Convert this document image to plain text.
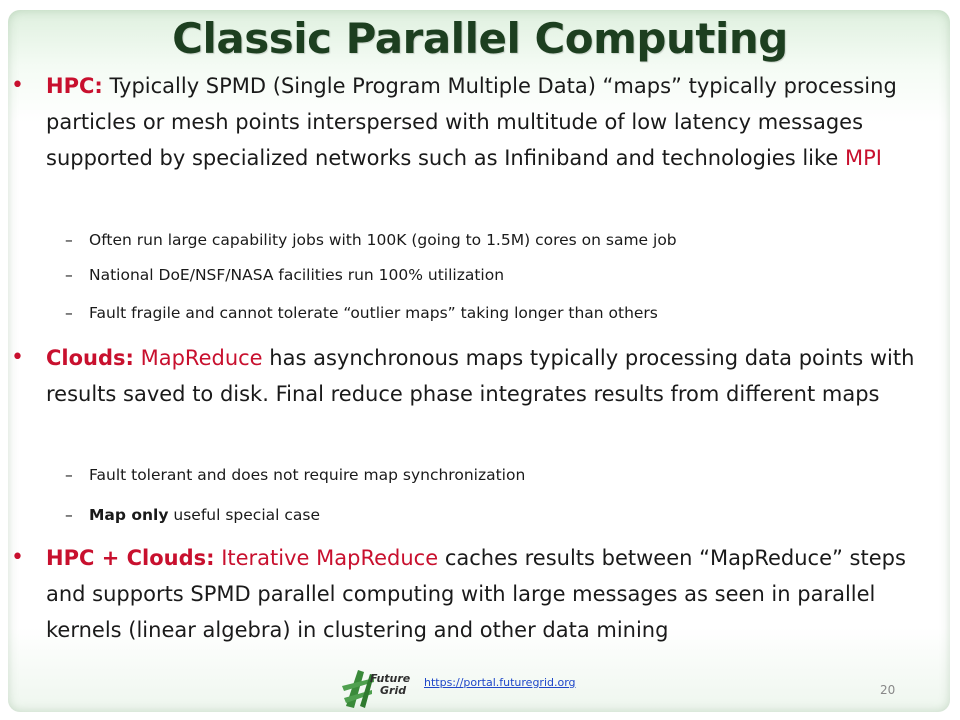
Classic Parallel Computing
• HPC: Typically SPMD (Single Program Multiple Data) “maps” typically processing particles or mesh points interspersed with multitude of low latency messages supported by specialized networks such as Infiniband and technologies like MPI
– Often run large capability jobs with 100K (going to 1.5M) cores on same job
– National DoE/NSF/NASA facilities run 100% utilization
– Fault fragile and cannot tolerate “outlier maps” taking longer than others
• Clouds: MapReduce has asynchronous maps typically processing data points with results saved to disk. Final reduce phase integrates results from different maps
– Fault tolerant and does not require map synchronization
– Map only useful special case
• HPC + Clouds: Iterative MapReduce caches results between “MapReduce” steps and supports SPMD parallel computing with large messages as seen in parallel kernels (linear algebra) in clustering and other data mining
Future
Grid
https://portal.futuregrid.org
20
